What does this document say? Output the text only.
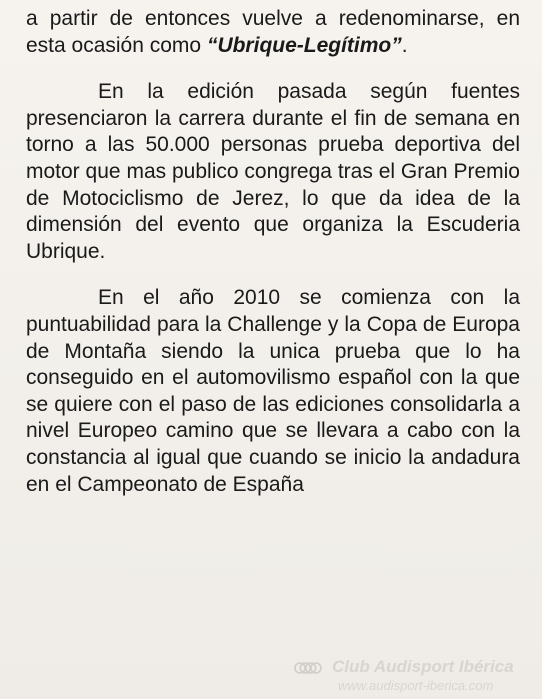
a partir de entonces vuelve a redenominarse, en esta ocasión como “Ubrique-Legítimo”.

En la edición pasada según fuentes presenciaron la carrera durante el fin de semana en torno a las 50.000 personas prueba deportiva del motor que mas publico congrega tras el Gran Premio de Motociclismo de Jerez, lo que da idea de la dimensión del evento que organiza la Escuderia Ubrique.

En el año 2010 se comienza con la puntuabilidad para la Challenge y la Copa de Europa de Montaña siendo la unica prueba que lo ha conseguido en el automovilismo español con la que se quiere con el paso de las ediciones consolidarla a nivel Europeo camino que se llevara a cabo con la constancia al igual que cuando se inicio la andadura en el Campeonato de España

Club Audisport Ibérica
www.audisport-iberica.com
